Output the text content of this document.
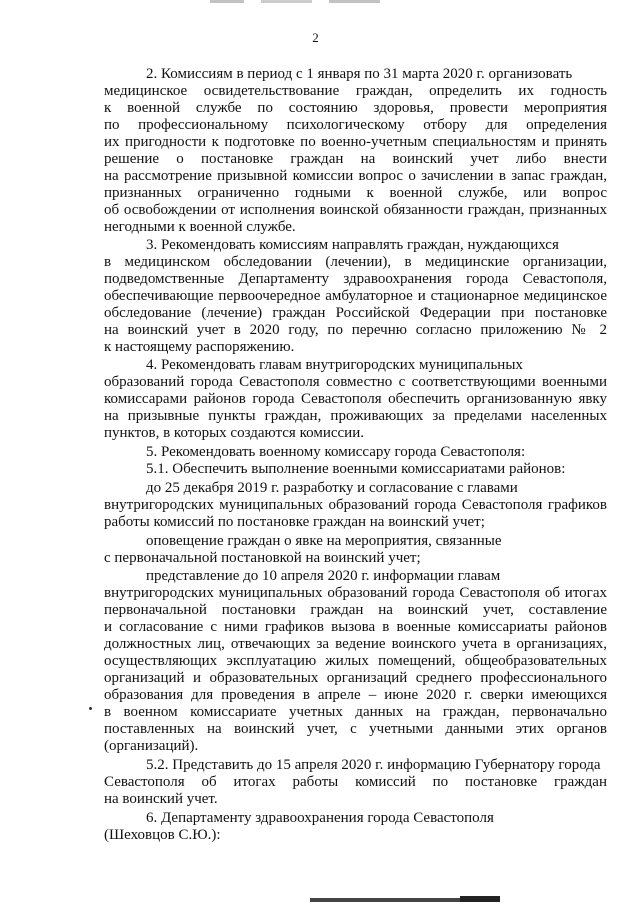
2
2. Комиссиям в период с 1 января по 31 марта 2020 г. организовать
медицинское освидетельствование граждан, определить их годность
к военной службе по состоянию здоровья, провести мероприятия
по профессиональному психологическому отбору для определения
их пригодности к подготовке по военно-учетным специальностям и принять
решение о постановке граждан на воинский учет либо внести
на рассмотрение призывной комиссии вопрос о зачислении в запас граждан,
признанных ограниченно годными к военной службе, или вопрос
об освобождении от исполнения воинской обязанности граждан, признанных
негодными к военной службе.
3. Рекомендовать комиссиям направлять граждан, нуждающихся
в медицинском обследовании (лечении), в медицинские организации,
подведомственные Департаменту здравоохранения города Севастополя,
обеспечивающие первоочередное амбулаторное и стационарное медицинское
обследование (лечение) граждан Российской Федерации при постановке
на воинский учет в 2020 году, по перечню согласно приложению № 2
к настоящему распоряжению.
4. Рекомендовать главам внутригородских муниципальных
образований города Севастополя совместно с соответствующими военными
комиссарами районов города Севастополя обеспечить организованную явку
на призывные пункты граждан, проживающих за пределами населенных
пунктов, в которых создаются комиссии.
5. Рекомендовать военному комиссару города Севастополя:
5.1. Обеспечить выполнение военными комиссариатами районов:
до 25 декабря 2019 г. разработку и согласование с главами
внутригородских муниципальных образований города Севастополя графиков
работы комиссий по постановке граждан на воинский учет;
оповещение граждан о явке на мероприятия, связанные
с первоначальной постановкой на воинский учет;
представление до 10 апреля 2020 г. информации главам
внутригородских муниципальных образований города Севастополя об итогах
первоначальной постановки граждан на воинский учет, составление
и согласование с ними графиков вызова в военные комиссариаты районов
должностных лиц, отвечающих за ведение воинского учета в организациях,
осуществляющих эксплуатацию жилых помещений, общеобразовательных
организаций и образовательных организаций среднего профессионального
образования для проведения в апреле – июне 2020 г. сверки имеющихся
в военном комиссариате учетных данных на граждан, первоначально
поставленных на воинский учет, с учетными данными этих органов
(организаций).
5.2. Представить до 15 апреля 2020 г. информацию Губернатору города
Севастополя об итогах работы комиссий по постановке граждан
на воинский учет.
6. Департаменту здравоохранения города Севастополя
(Шеховцов С.Ю.):
